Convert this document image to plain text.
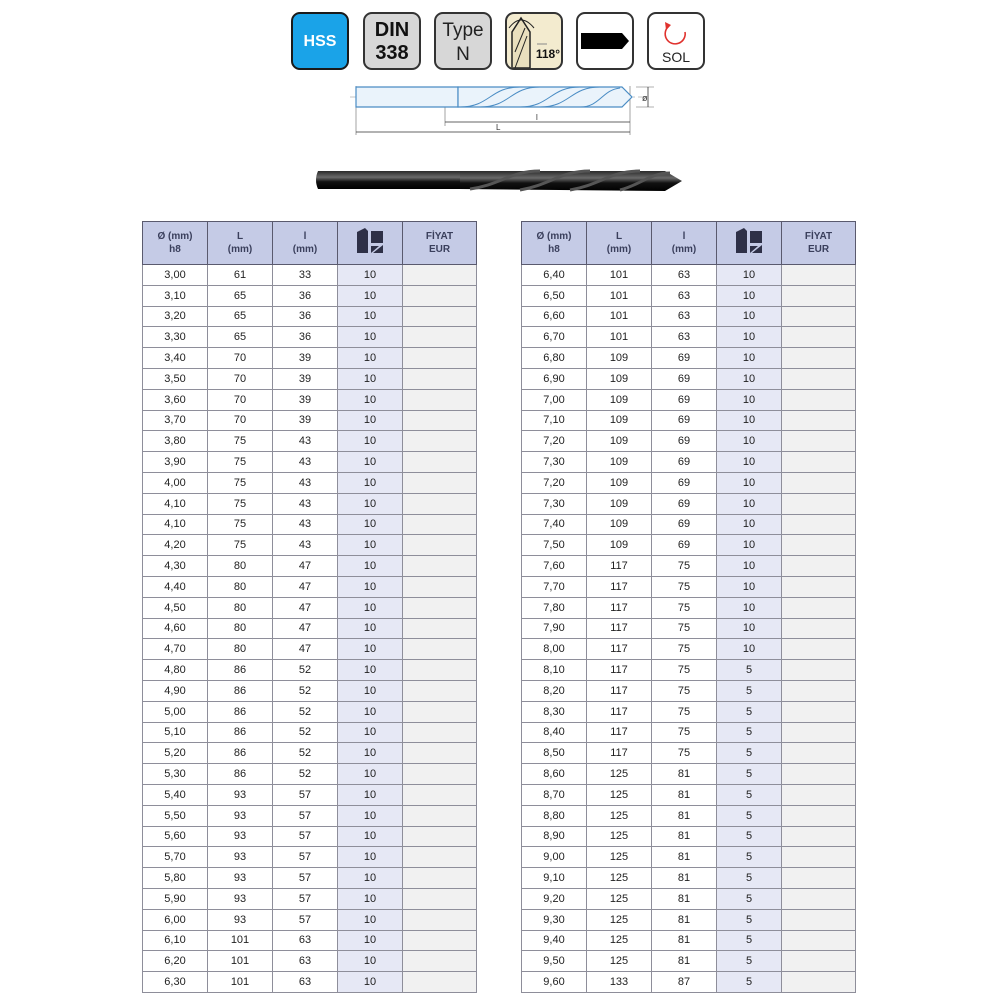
HSS
DIN
338
Type
N	118°	SOL
ø
l
L
Ø (mm)
h8	L
(mm)	l
(mm)		FİYAT
EUR
3,00	61	33	10	
3,10	65	36	10	
3,20	65	36	10	
3,30	65	36	10	
3,40	70	39	10	
3,50	70	39	10	
3,60	70	39	10	
3,70	70	39	10	
3,80	75	43	10	
3,90	75	43	10	
4,00	75	43	10	
4,10	75	43	10	
4,10	75	43	10	
4,20	75	43	10	
4,30	80	47	10	
4,40	80	47	10	
4,50	80	47	10	
4,60	80	47	10	
4,70	80	47	10	
4,80	86	52	10	
4,90	86	52	10	
5,00	86	52	10	
5,10	86	52	10	
5,20	86	52	10	
5,30	86	52	10	
5,40	93	57	10	
5,50	93	57	10	
5,60	93	57	10	
5,70	93	57	10	
5,80	93	57	10	
5,90	93	57	10	
6,00	93	57	10	
6,10	101	63	10	
6,20	101	63	10	
6,30	101	63	10	
Ø (mm)
h8	L
(mm)	l
(mm)		FİYAT
EUR
6,40	101	63	10	
6,50	101	63	10	
6,60	101	63	10	
6,70	101	63	10	
6,80	109	69	10	
6,90	109	69	10	
7,00	109	69	10	
7,10	109	69	10	
7,20	109	69	10	
7,30	109	69	10	
7,20	109	69	10	
7,30	109	69	10	
7,40	109	69	10	
7,50	109	69	10	
7,60	117	75	10	
7,70	117	75	10	
7,80	117	75	10	
7,90	117	75	10	
8,00	117	75	10	
8,10	117	75	5	
8,20	117	75	5	
8,30	117	75	5	
8,40	117	75	5	
8,50	117	75	5	
8,60	125	81	5	
8,70	125	81	5	
8,80	125	81	5	
8,90	125	81	5	
9,00	125	81	5	
9,10	125	81	5	
9,20	125	81	5	
9,30	125	81	5	
9,40	125	81	5	
9,50	125	81	5	
9,60	133	87	5	
